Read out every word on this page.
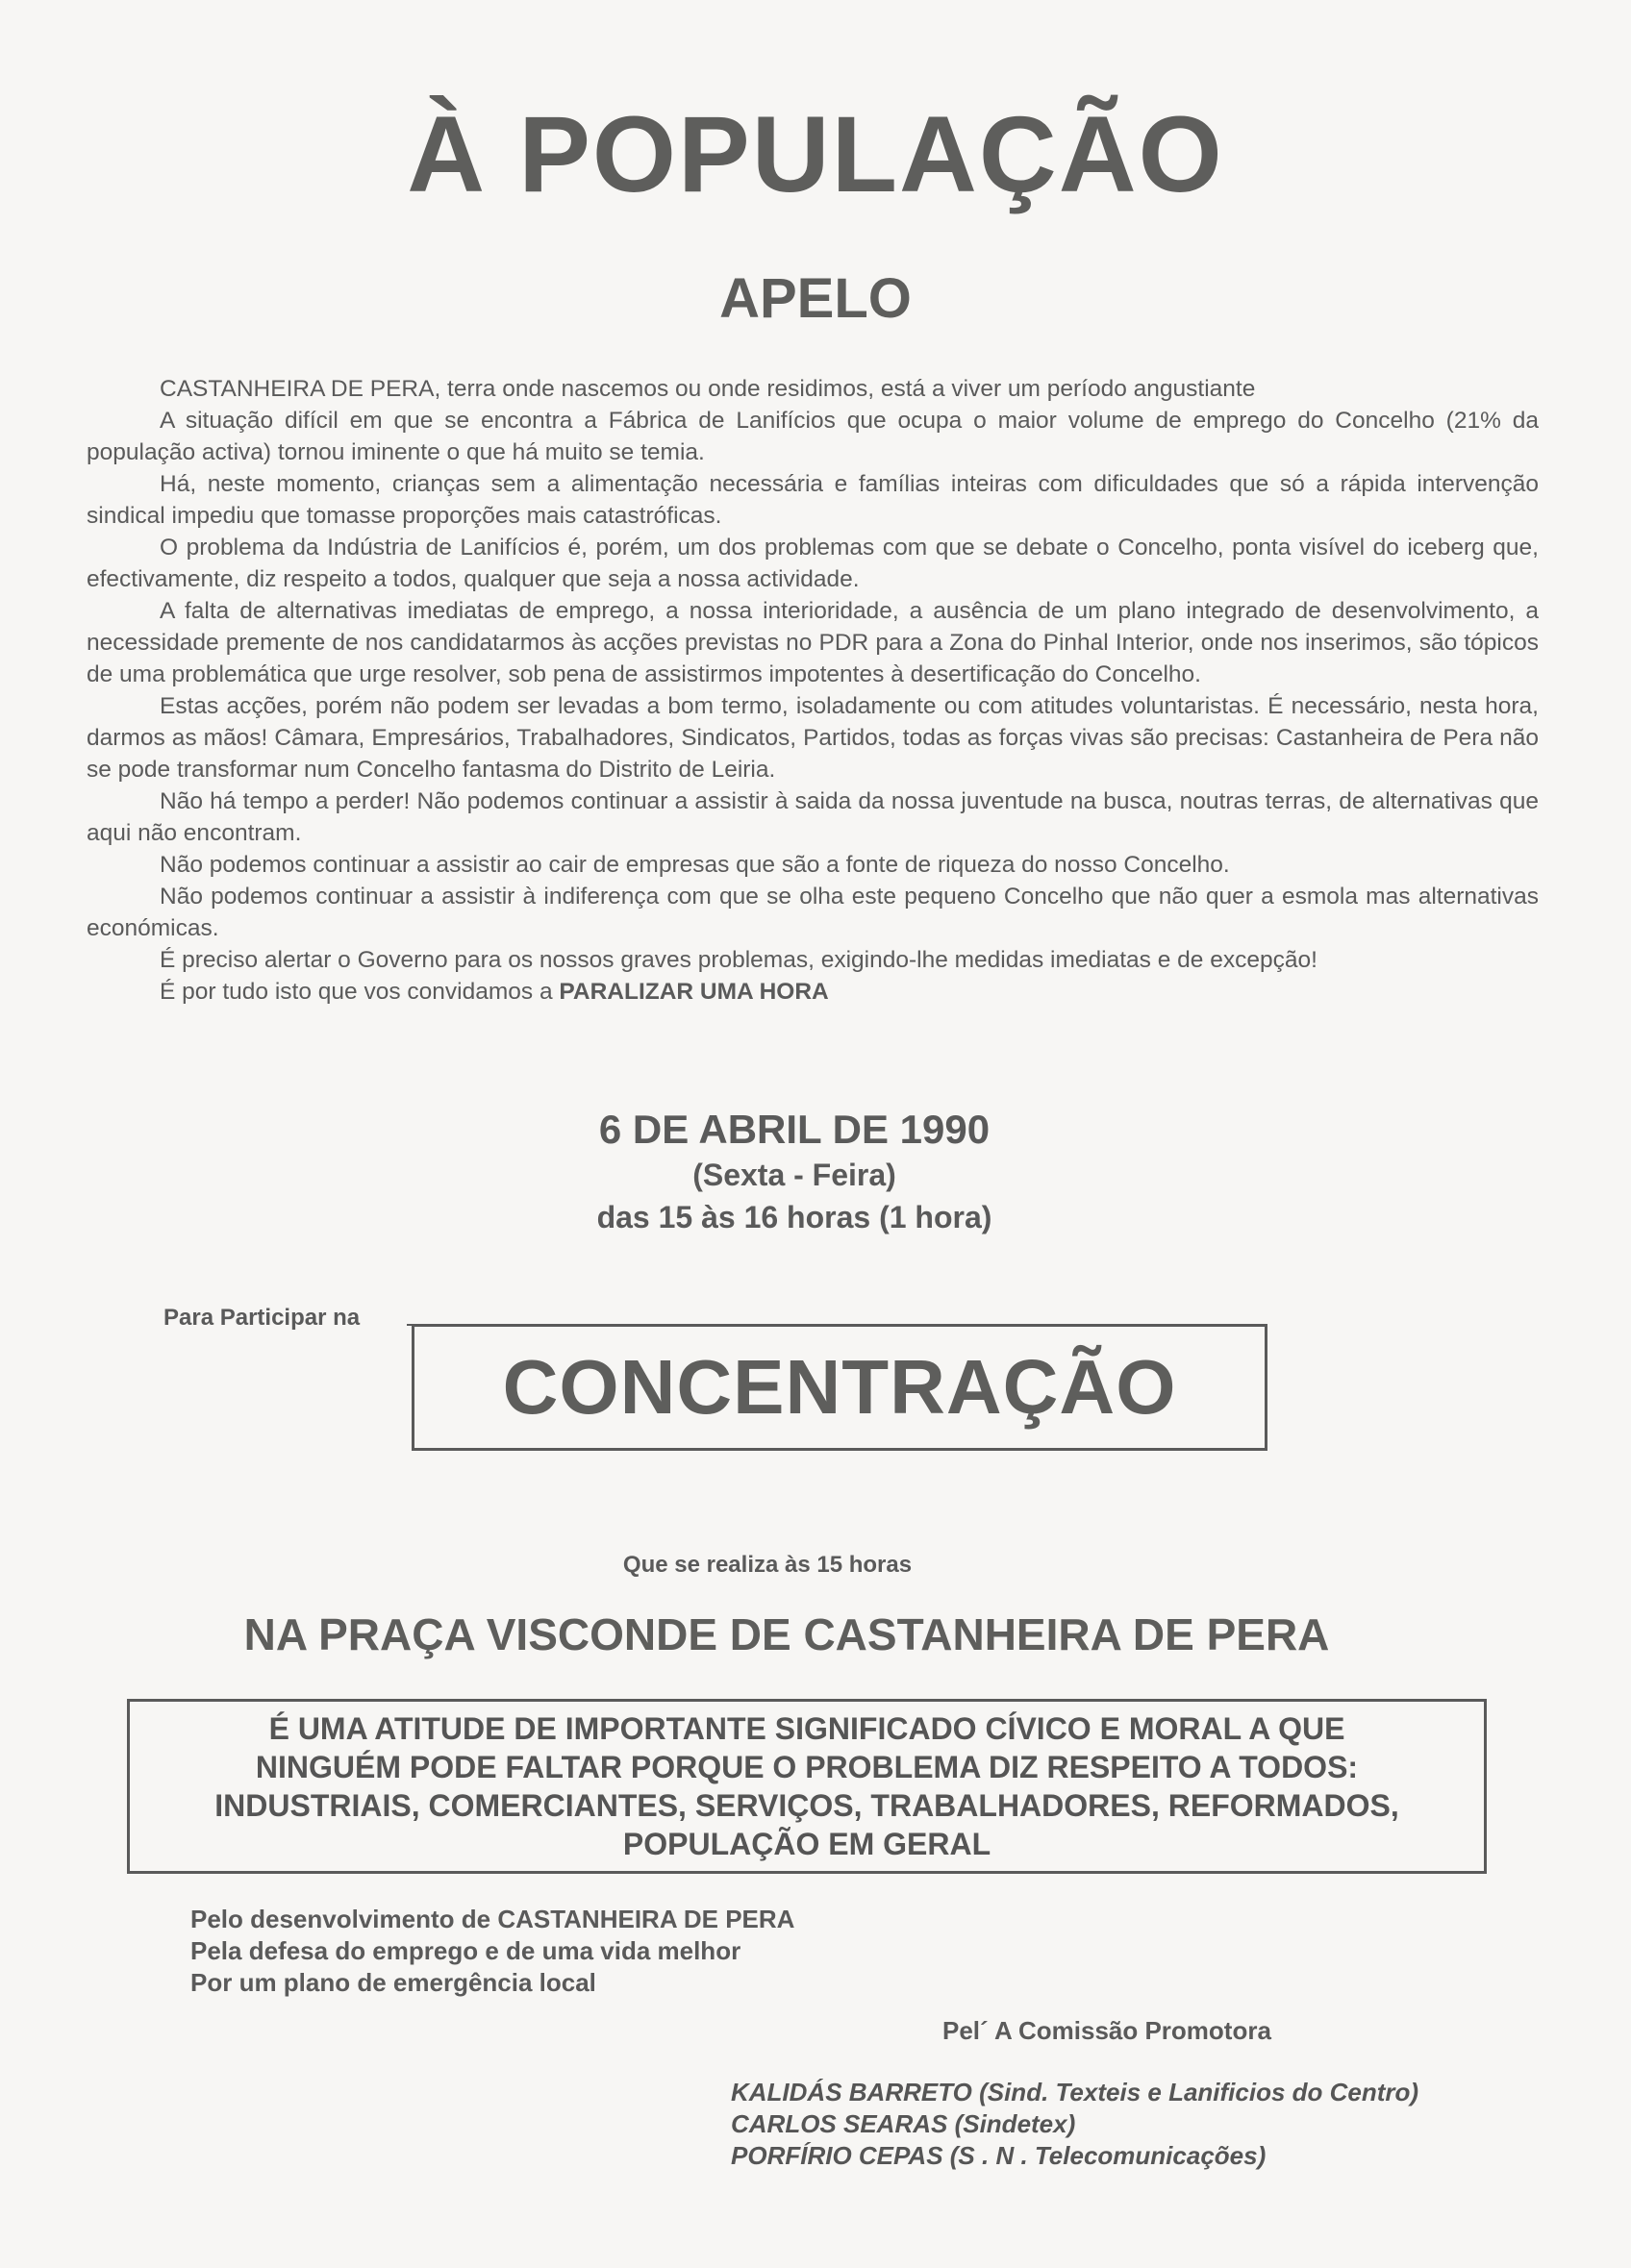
À POPULAÇÃO
APELO

CASTANHEIRA DE PERA, terra onde nascemos ou onde residimos, está a viver um período angustiante

A situação difícil em que se encontra a Fábrica de Lanifícios que ocupa o maior volume de emprego do Concelho (21% da população activa) tornou iminente o que há muito se temia.

Há, neste momento, crianças sem a alimentação necessária e famílias inteiras com dificuldades que só a rápida intervenção sindical impediu que tomasse proporções mais catastróficas.

O problema da Indústria de Lanifícios é, porém, um dos problemas com que se debate o Concelho, ponta visível do iceberg que, efectivamente, diz respeito a todos, qualquer que seja a nossa actividade.

A falta de alternativas imediatas de emprego, a nossa interioridade, a ausência de um plano integrado de desenvolvimento, a necessidade premente de nos candidatarmos às acções previstas no PDR para a Zona do Pinhal Interior, onde nos inserimos, são tópicos de uma problemática que urge resolver, sob pena de assistirmos impotentes à desertificação do Concelho.

Estas acções, porém não podem ser levadas a bom termo, isoladamente ou com atitudes voluntaristas. É necessário, nesta hora, darmos as mãos! Câmara, Empresários, Trabalhadores, Sindicatos, Partidos, todas as forças vivas são precisas: Castanheira de Pera não se pode transformar num Concelho fantasma do Distrito de Leiria.

Não há tempo a perder! Não podemos continuar a assistir à saida da nossa juventude na busca, noutras terras, de alternativas que aqui não encontram.

Não podemos continuar a assistir ao cair de empresas que são a fonte de riqueza do nosso Concelho.

Não podemos continuar a assistir à indiferença com que se olha este pequeno Concelho que não quer a esmola mas alternativas económicas.

É preciso alertar o Governo para os nossos graves problemas, exigindo-lhe medidas imediatas e de excepção!

É por tudo isto que vos convidamos a PARALIZAR UMA HORA

6 DE ABRIL DE 1990
(Sexta - Feira)
das 15 às 16 horas (1 hora)
Para Participar na
CONCENTRAÇÃO
Que se realiza às 15 horas
NA PRAÇA VISCONDE DE CASTANHEIRA DE PERA
É UMA ATITUDE DE IMPORTANTE SIGNIFICADO CÍVICO E MORAL A QUE
NINGUÉM PODE FALTAR PORQUE O PROBLEMA DIZ RESPEITO A TODOS:
INDUSTRIAIS, COMERCIANTES, SERVIÇOS, TRABALHADORES, REFORMADOS,
POPULAÇÃO EM GERAL
Pelo desenvolvimento de CASTANHEIRA DE PERA
Pela defesa do emprego e de uma vida melhor
Por um plano de emergência local
Pel´ A Comissão Promotora
KALIDÁS BARRETO (Sind. Texteis e Lanificios do Centro)
CARLOS SEARAS (Sindetex)
PORFÍRIO CEPAS (S . N . Telecomunicações)
